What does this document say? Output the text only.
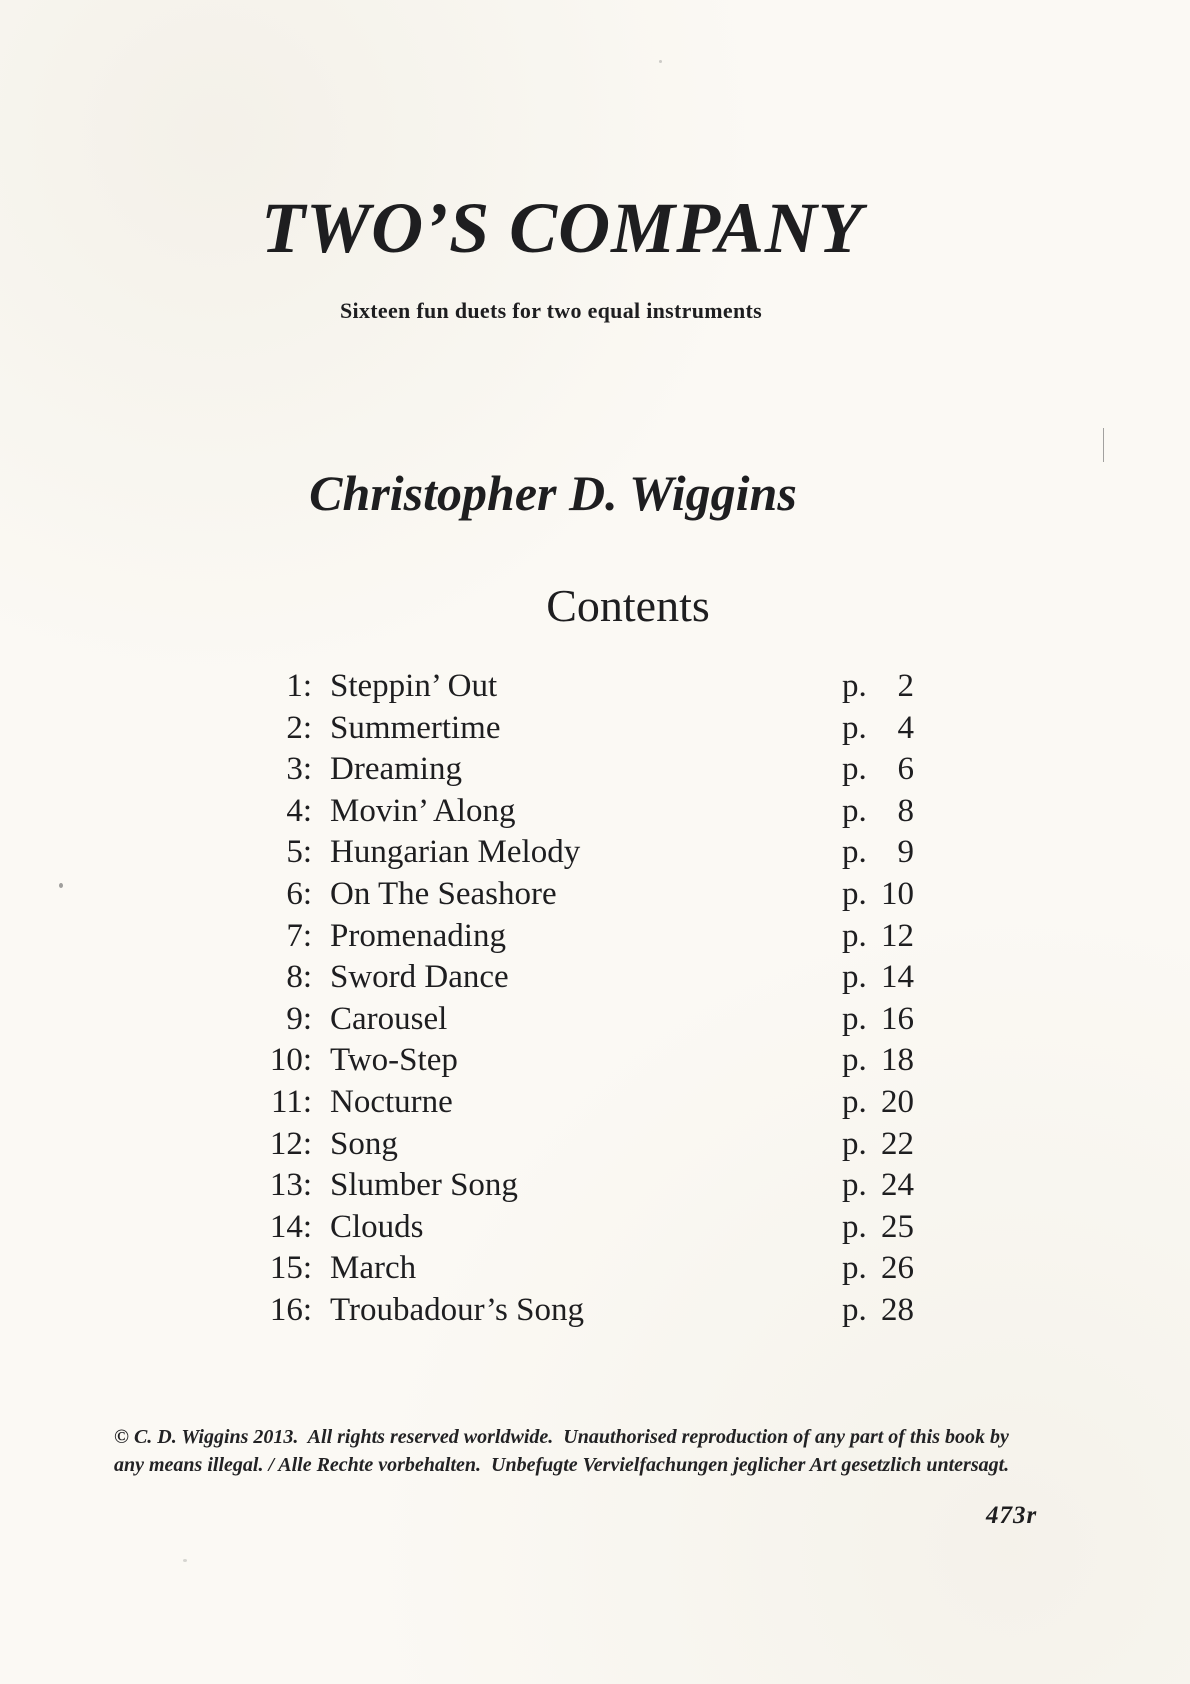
TWO’S COMPANY
Sixteen fun duets for two equal instruments
Christopher D. Wiggins
Contents
1: Steppin’ Out	p. 2
2: Summertime	p. 4
3: Dreaming	p. 6
4: Movin’ Along	p. 8
5: Hungarian Melody	p. 9
6: On The Seashore	p. 10
7: Promenading	p. 12
8: Sword Dance	p. 14
9: Carousel	p. 16
10: Two-Step	p. 18
11: Nocturne	p. 20
12: Song	p. 22
13: Slumber Song	p. 24
14: Clouds	p. 25
15: March	p. 26
16: Troubadour’s Song	p. 28
© C. D. Wiggins 2013.  All rights reserved worldwide.  Unauthorised reproduction of any part of this book by
any means illegal. / Alle Rechte vorbehalten.  Unbefugte Vervielfachungen jeglicher Art gesetzlich untersagt.
473r
